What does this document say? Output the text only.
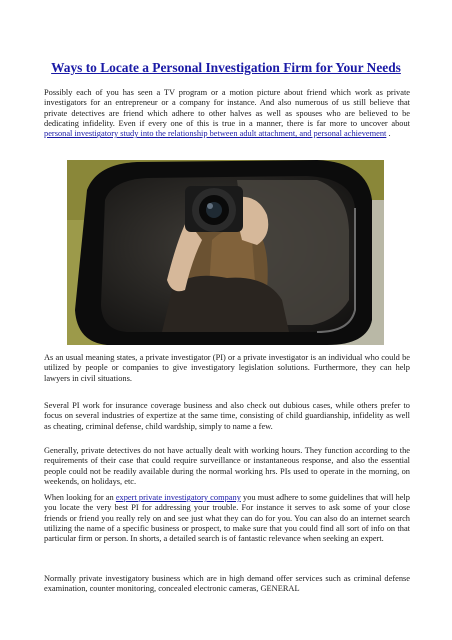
Ways to Locate a Personal Investigation Firm for Your Needs

Possibly each of you has seen a TV program or a motion picture about friend which work as private investigators for an entrepreneur or a company for instance. And also numerous of us still believe that private detectives are friend which adhere to other halves as well as spouses who are believed to be dedicating infidelity. Even if every one of this is true in a manner, there is far more to uncover about personal investigatory study into the relationship between adult attachment, and personal achievement .

As an usual meaning states, a private investigator (PI) or a private investigator is an individual who could be utilized by people or companies to give investigatory legislation solutions. Furthermore, they can help lawyers in civil situations.

Several PI work for insurance coverage business and also check out dubious cases, while others prefer to focus on several industries of expertize at the same time, consisting of child guardianship, infidelity as well as cheating, criminal defense, child wardship, simply to name a few.

Generally, private detectives do not have actually dealt with working hours. They function according to the requirements of their case that could require surveillance or instantaneous response, and also the essential people could not be readily available during the normal working hrs. PIs used to operate in the morning, on weekends, on holidays, etc.

When looking for an expert private investigatory company you must adhere to some guidelines that will help you locate the very best PI for addressing your trouble. For instance it serves to ask some of your close friends or friend you really rely on and see just what they can do for you. You can also do an internet search utilizing the name of a specific business or prospect, to make sure that you could find all sort of info on that particular firm or person. In shorts, a detailed search is of fantastic relevance when seeking an expert.

Normally private investigatory business which are in high demand offer services such as criminal defense examination, counter monitoring, concealed electronic cameras, GENERAL
